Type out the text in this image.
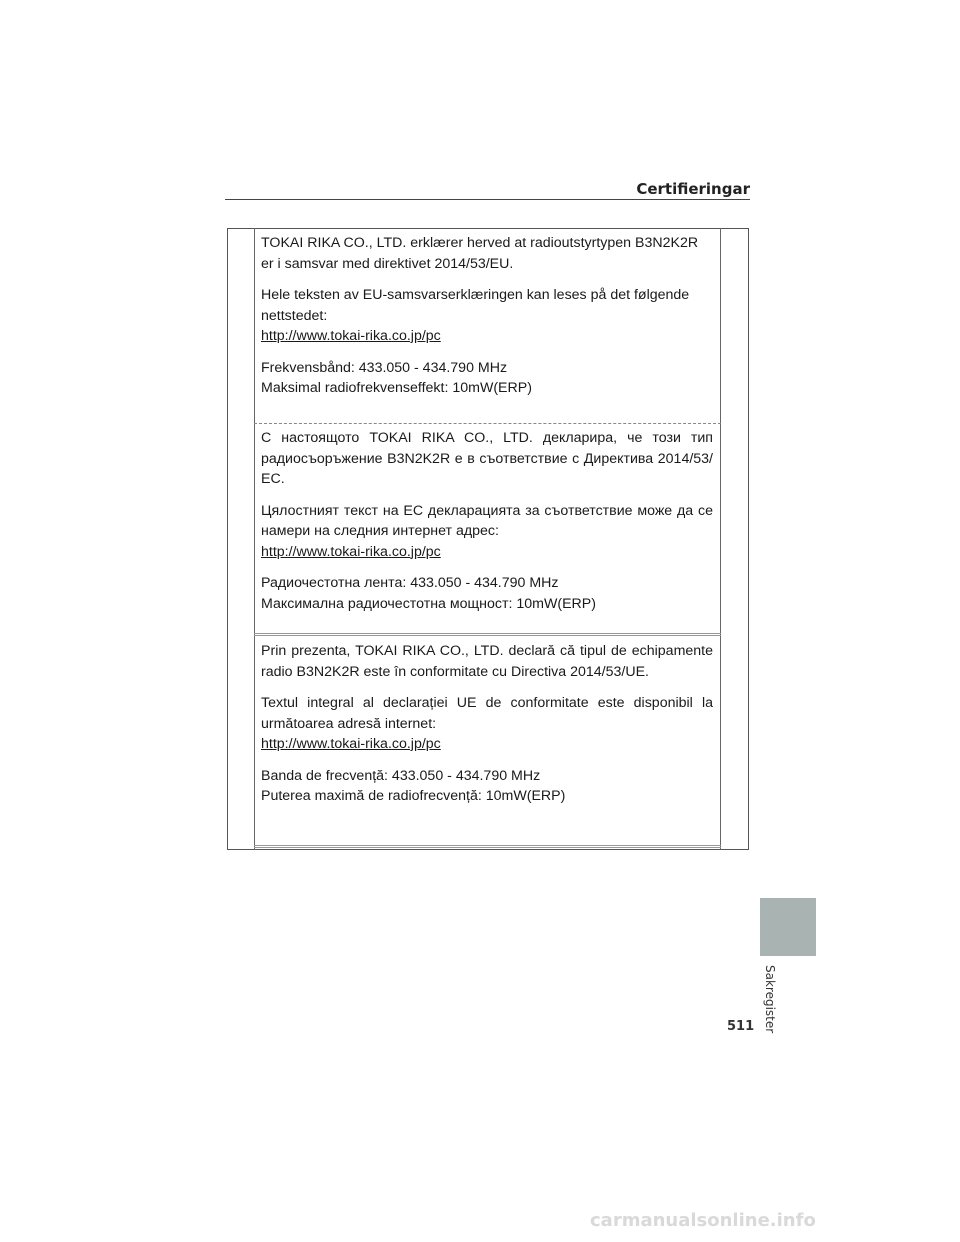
Certifieringar

TOKAI RIKA CO., LTD. erklærer herved at radioutstyrtypen B3N2K2R er i samsvar med direktivet 2014/53/EU.

Hele teksten av EU-samsvarserklæringen kan leses på det følgende nettstedet:

http://www.tokai-rika.co.jp/pc

Frekvensbånd: 433.050 - 434.790 MHz

Maksimal radiofrekvenseffekt: 10mW(ERP)

С настоящото TOKAI RIKA CO., LTD. декларира, че този тип радиосъоръжение B3N2K2R е в съответствие с Директива 2014/53/ЕС.

Цялостният текст на ЕС декларацията за съответствие може да се намери на следния интернет адрес:

http://www.tokai-rika.co.jp/pc

Радиочестотна лента: 433.050 - 434.790 MHz

Максимална радиочестотна мощност: 10mW(ERP)

Prin prezenta, TOKAI RIKA CO., LTD. declară că tipul de echipamente radio B3N2K2R este în conformitate cu Directiva 2014/53/UE.

Textul integral al declarației UE de conformitate este disponibil la următoarea adresă internet:

http://www.tokai-rika.co.jp/pc

Banda de frecvență: 433.050 - 434.790 MHz

Puterea maximă de radiofrecvență: 10mW(ERP)

Sakregister
511
carmanualsonline.info
